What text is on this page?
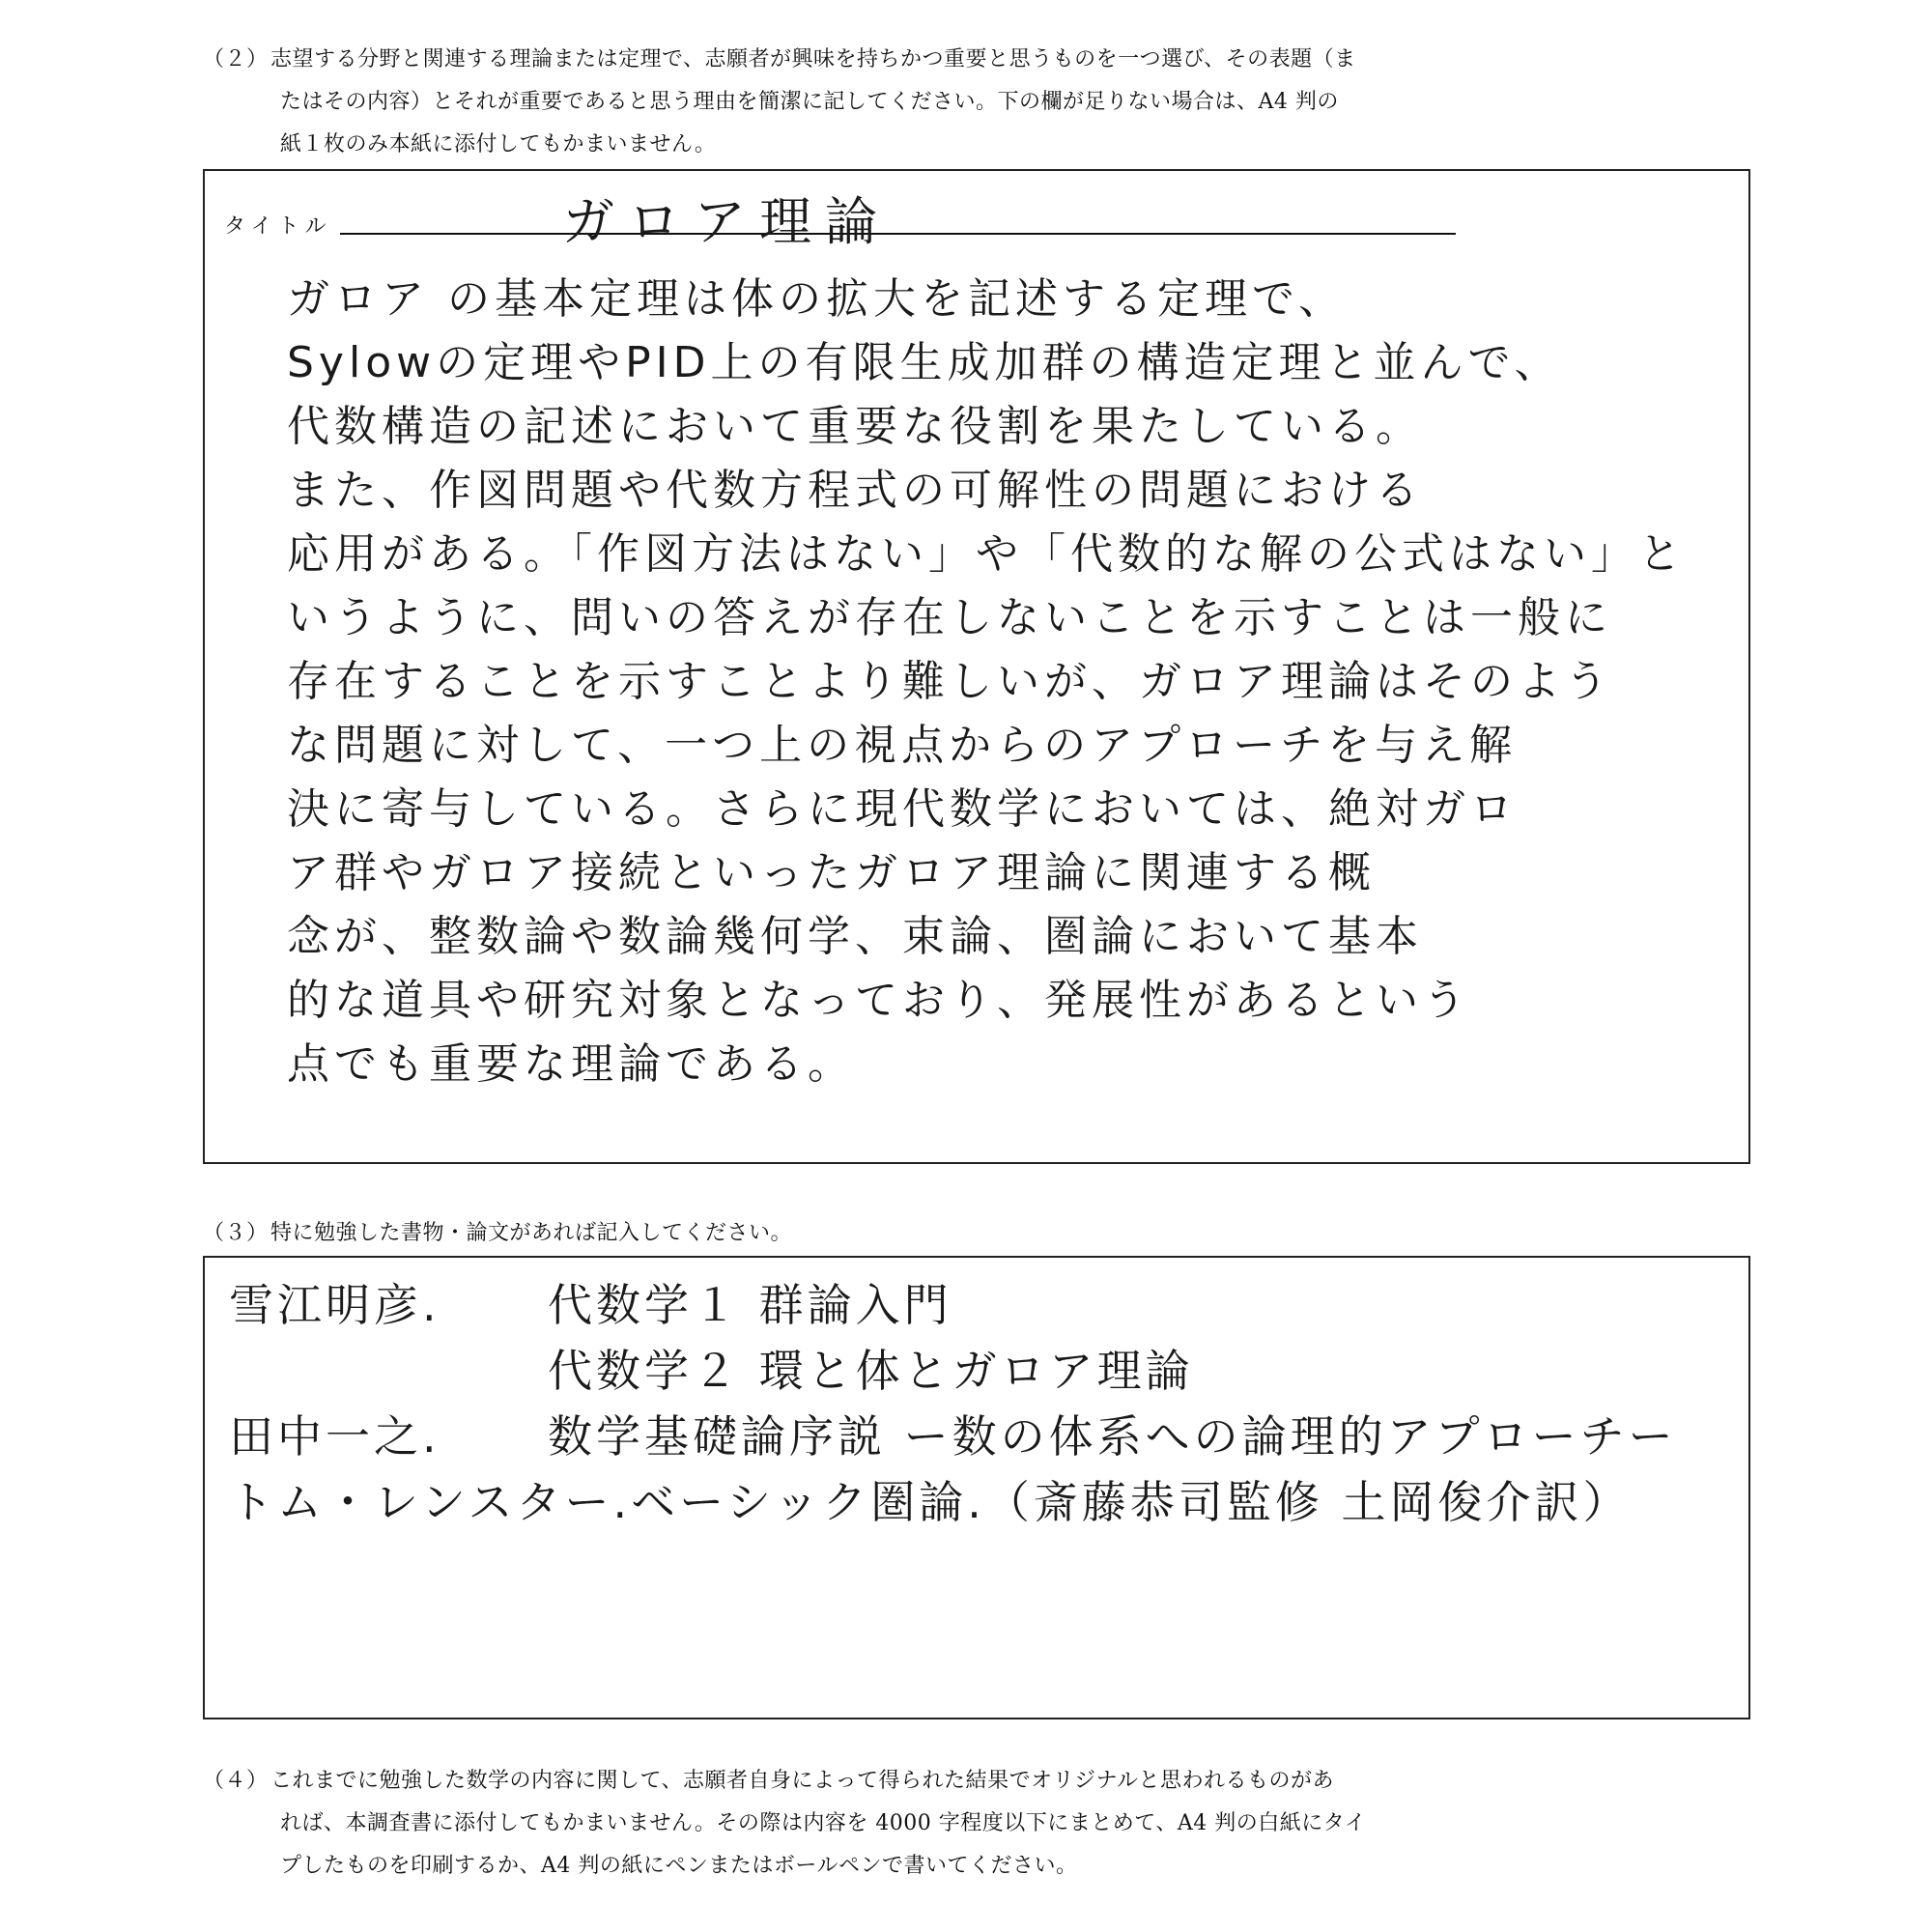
（２） 志望する分野と関連する理論または定理で、志願者が興味を持ちかつ重要と思うものを一つ選び、その表題（ま
たはその内容）とそれが重要であると思う理由を簡潔に記してください。下の欄が足りない場合は、A4 判の
紙１枚のみ本紙に添付してもかまいません。
タイトル	ガロア理論
ガロア の基本定理は体の拡大を記述する定理で、
Sylowの定理やPID上の有限生成加群の構造定理と並んで、
代数構造の記述において重要な役割を果たしている。
また、作図問題や代数方程式の可解性の問題における
応用がある。「作図方法はない」や「代数的な解の公式はない」と
いうように、問いの答えが存在しないことを示すことは一般に
存在することを示すことより難しいが、ガロア理論はそのよう
な問題に対して、一つ上の視点からのアプローチを与え解
決に寄与している。さらに現代数学においては、絶対ガロ
ア群やガロア接続といったガロア理論に関連する概
念が、整数論や数論幾何学、束論、圏論において基本
的な道具や研究対象となっており、発展性があるという
点でも重要な理論である。
（３） 特に勉強した書物・論文があれば記入してください。
雪江明彦. 代数学１ 群論入門
代数学２ 環と体とガロア理論
田中一之. 数学基礎論序説 ー数の体系への論理的アプローチー
トム・レンスター.ベーシック圏論.（斎藤恭司監修 土岡俊介訳）
（４） これまでに勉強した数学の内容に関して、志願者自身によって得られた結果でオリジナルと思われるものがあ
れば、本調査書に添付してもかまいません。その際は内容を 4000 字程度以下にまとめて、A4 判の白紙にタイ
プしたものを印刷するか、A4 判の紙にペンまたはボールペンで書いてください。
